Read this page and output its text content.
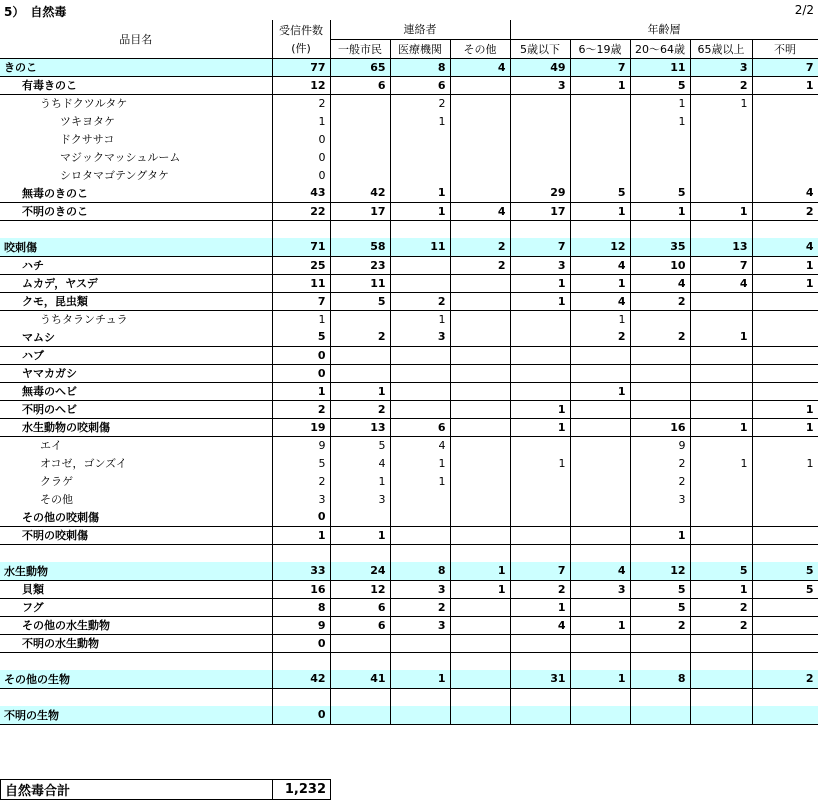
5）　自然毒	2/2
品目名	受信件数	連絡者			年齢層				
	(件)	一般市民	医療機関	その他	5歳以下	6～19歳	20～64歳	65歳以上	不明
きのこ	77	65	8	4	49	7	11	3	7
有毒きのこ	12	6	6		3	1	5	2	1
うちドクツルタケ	2		2				1	1	
ツキヨタケ	1		1				1		
ドクササコ	0								
マジックマッシュルーム	0								
シロタマゴテングタケ	0								
無毒のきのこ	43	42	1		29	5	5		4
不明のきのこ	22	17	1	4	17	1	1	1	2

咬刺傷	71	58	11	2	7	12	35	13	4
ハチ	25	23		2	3	4	10	7	1
ムカデ，ヤスデ	11	11			1	1	4	4	1
クモ，昆虫類	7	5	2		1	4	2		
うちタランチュラ	1		1			1			
マムシ	5	2	3			2	2	1	
ハブ	0								
ヤマカガシ	0								
無毒のヘビ	1	1				1			
不明のヘビ	2	2			1				1
水生動物の咬刺傷	19	13	6		1		16	1	1
エイ	9	5	4				9		
オコゼ，ゴンズイ	5	4	1		1		2	1	1
クラゲ	2	1	1				2		
その他	3	3					3		
その他の咬刺傷	0								
不明の咬刺傷	1	1					1		

水生動物	33	24	8	1	7	4	12	5	5
貝類	16	12	3	1	2	3	5	1	5
フグ	8	6	2		1		5	2	
その他の水生動物	9	6	3		4	1	2	2	
不明の水生動物	0								

その他の生物	42	41	1		31	1	8		2

不明の生物	0								
自然毒合計	1,232
